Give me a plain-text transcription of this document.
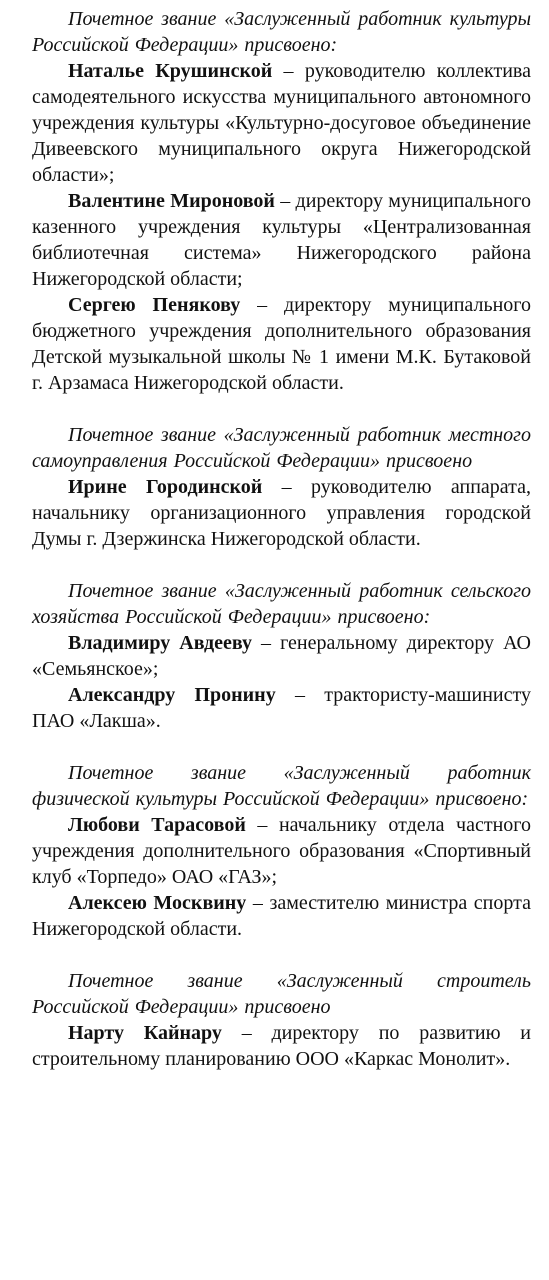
Почетное звание «Заслуженный работник культуры Российской Федерации» присвоено:

Наталье Крушинской – руководителю коллектива самодеятельного искусства муниципального автономного учреждения культуры «Культурно-досуговое объединение Дивеевского муниципального округа Нижегородской области»;

Валентине Мироновой – директору муниципального казенного учреждения культуры «Централизованная библиотечная система» Нижегородского района Нижегородской области;

Сергею Пенякову – директору муниципального бюджетного учреждения дополнительного образования Детской музыкальной школы № 1 имени М.К. Бутаковой г. Арзамаса Нижегородской области.

Почетное звание «Заслуженный работник местного самоуправления Российской Федерации» присвоено

Ирине Городинской – руководителю аппарата, начальнику организационного управления городской Думы г. Дзержинска Нижегородской области.

Почетное звание «Заслуженный работник сельского хозяйства Российской Федерации» присвоено:

Владимиру Авдееву – генеральному директору АО «Семьянское»;

Александру Пронину – трактористу-машинисту ПАО «Лакша».

Почетное звание «Заслуженный работник физической культуры Российской Федерации» присвоено:

Любови Тарасовой – начальнику отдела частного учреждения дополнительного образования «Спортивный клуб «Торпедо» ОАО «ГАЗ»;

Алексею Москвину – заместителю министра спорта Нижегородской области.

Почетное звание «Заслуженный строитель Российской Федерации» присвоено

Нарту Кайнару – директору по развитию и строительному планированию ООО «Каркас Монолит».
